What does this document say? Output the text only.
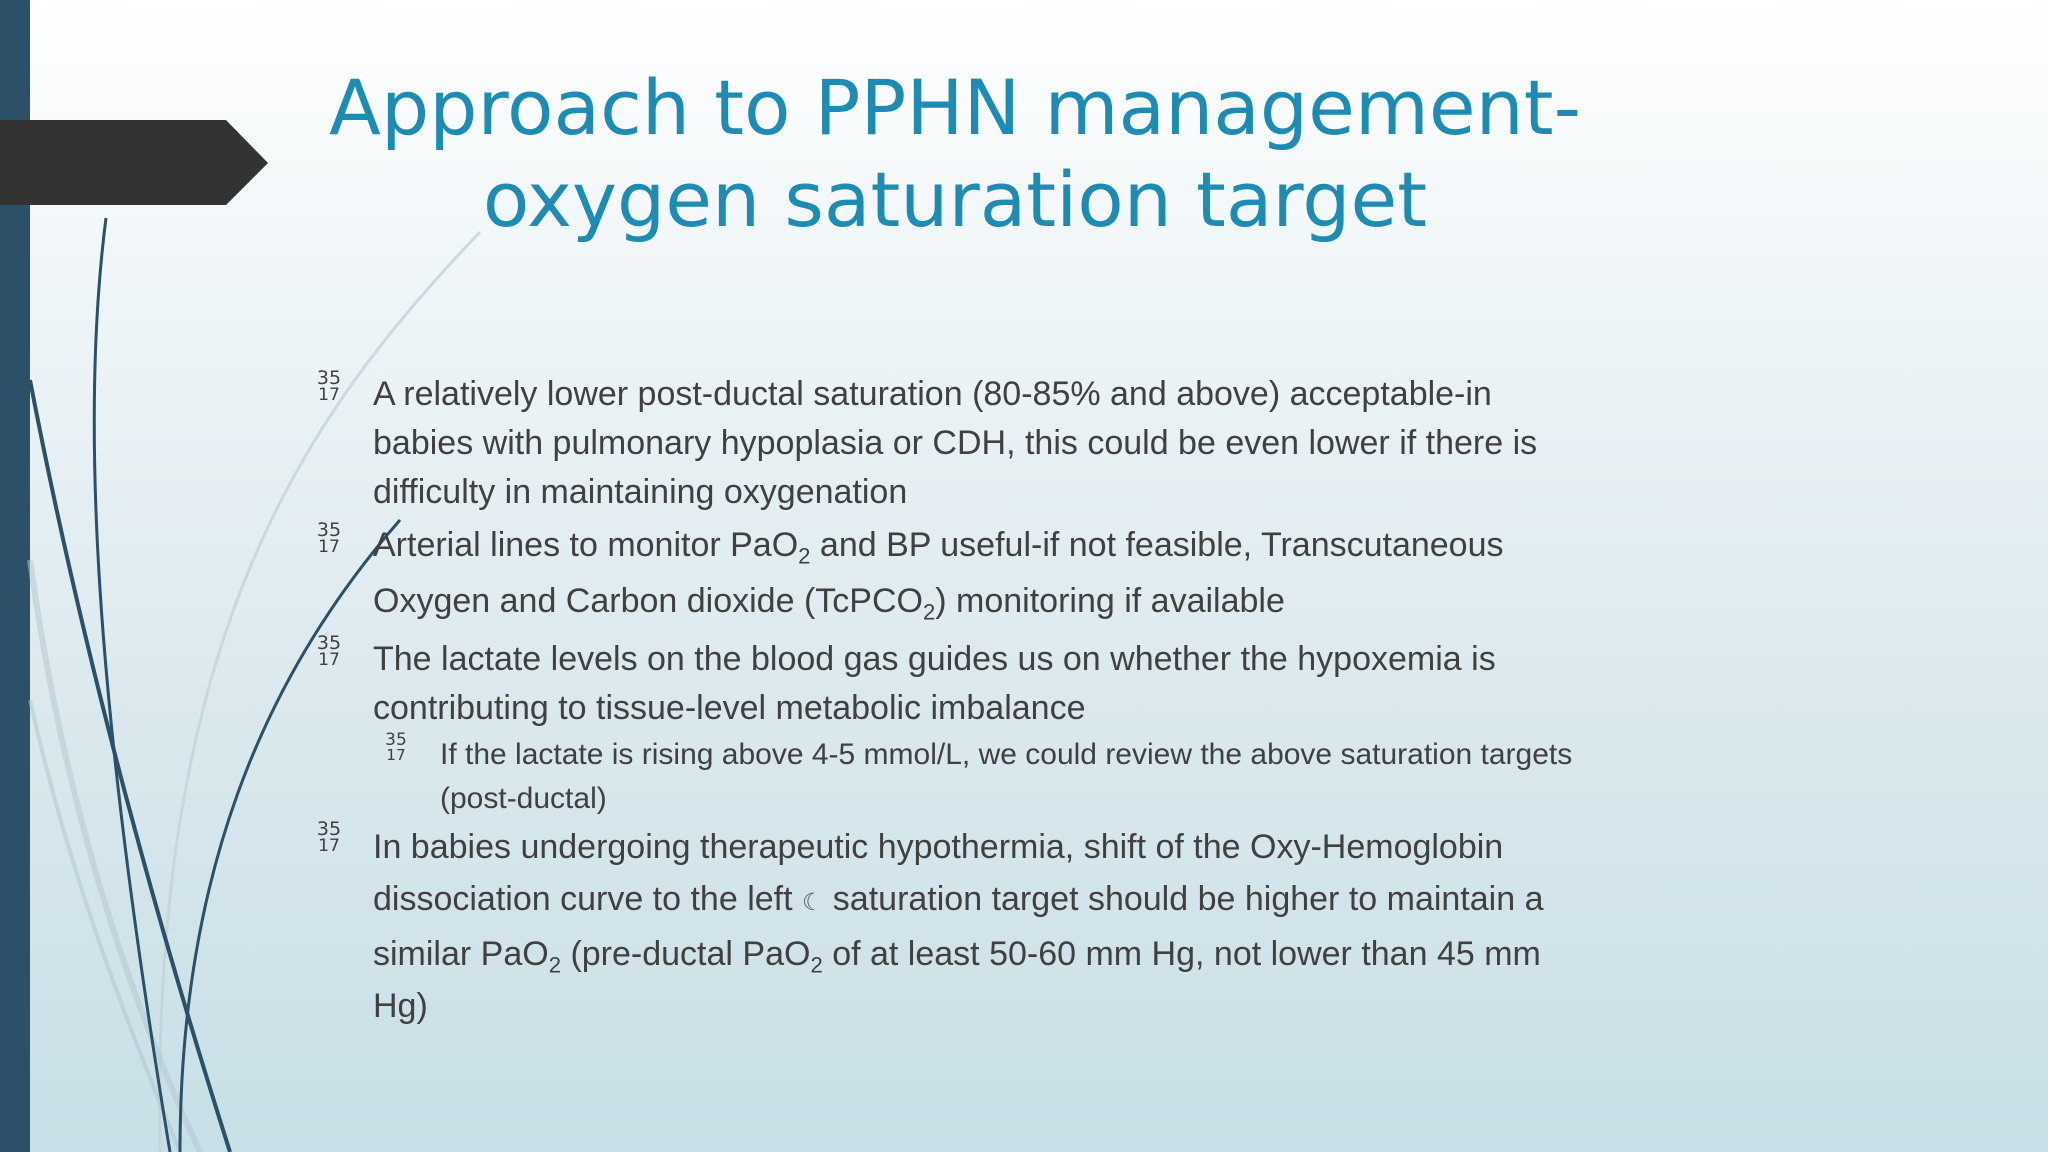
Approach to PPHN management-
oxygen saturation target
35
17 A relatively lower post-ductal saturation (80-85% and above) acceptable-in babies with pulmonary hypoplasia or CDH, this could be even lower if there is difficulty in maintaining oxygenation
35
17 Arterial lines to monitor PaO$_2$ and BP useful-if not feasible, Transcutaneous Oxygen and Carbon dioxide (TcPCO$_2$) monitoring if available
35
17 The lactate levels on the blood gas guides us on whether the hypoxemia is contributing to tissue-level metabolic imbalance
35
17 If the lactate is rising above 4-5 mmol/L, we could review the above saturation targets (post-ductal)
35
17 In babies undergoing therapeutic hypothermia, shift of the Oxy-Hemoglobin dissociation curve to the left ☾ saturation target should be higher to maintain a similar PaO$_2$ (pre-ductal PaO$_2$ of at least 50-60 mm Hg, not lower than 45 mm Hg)
